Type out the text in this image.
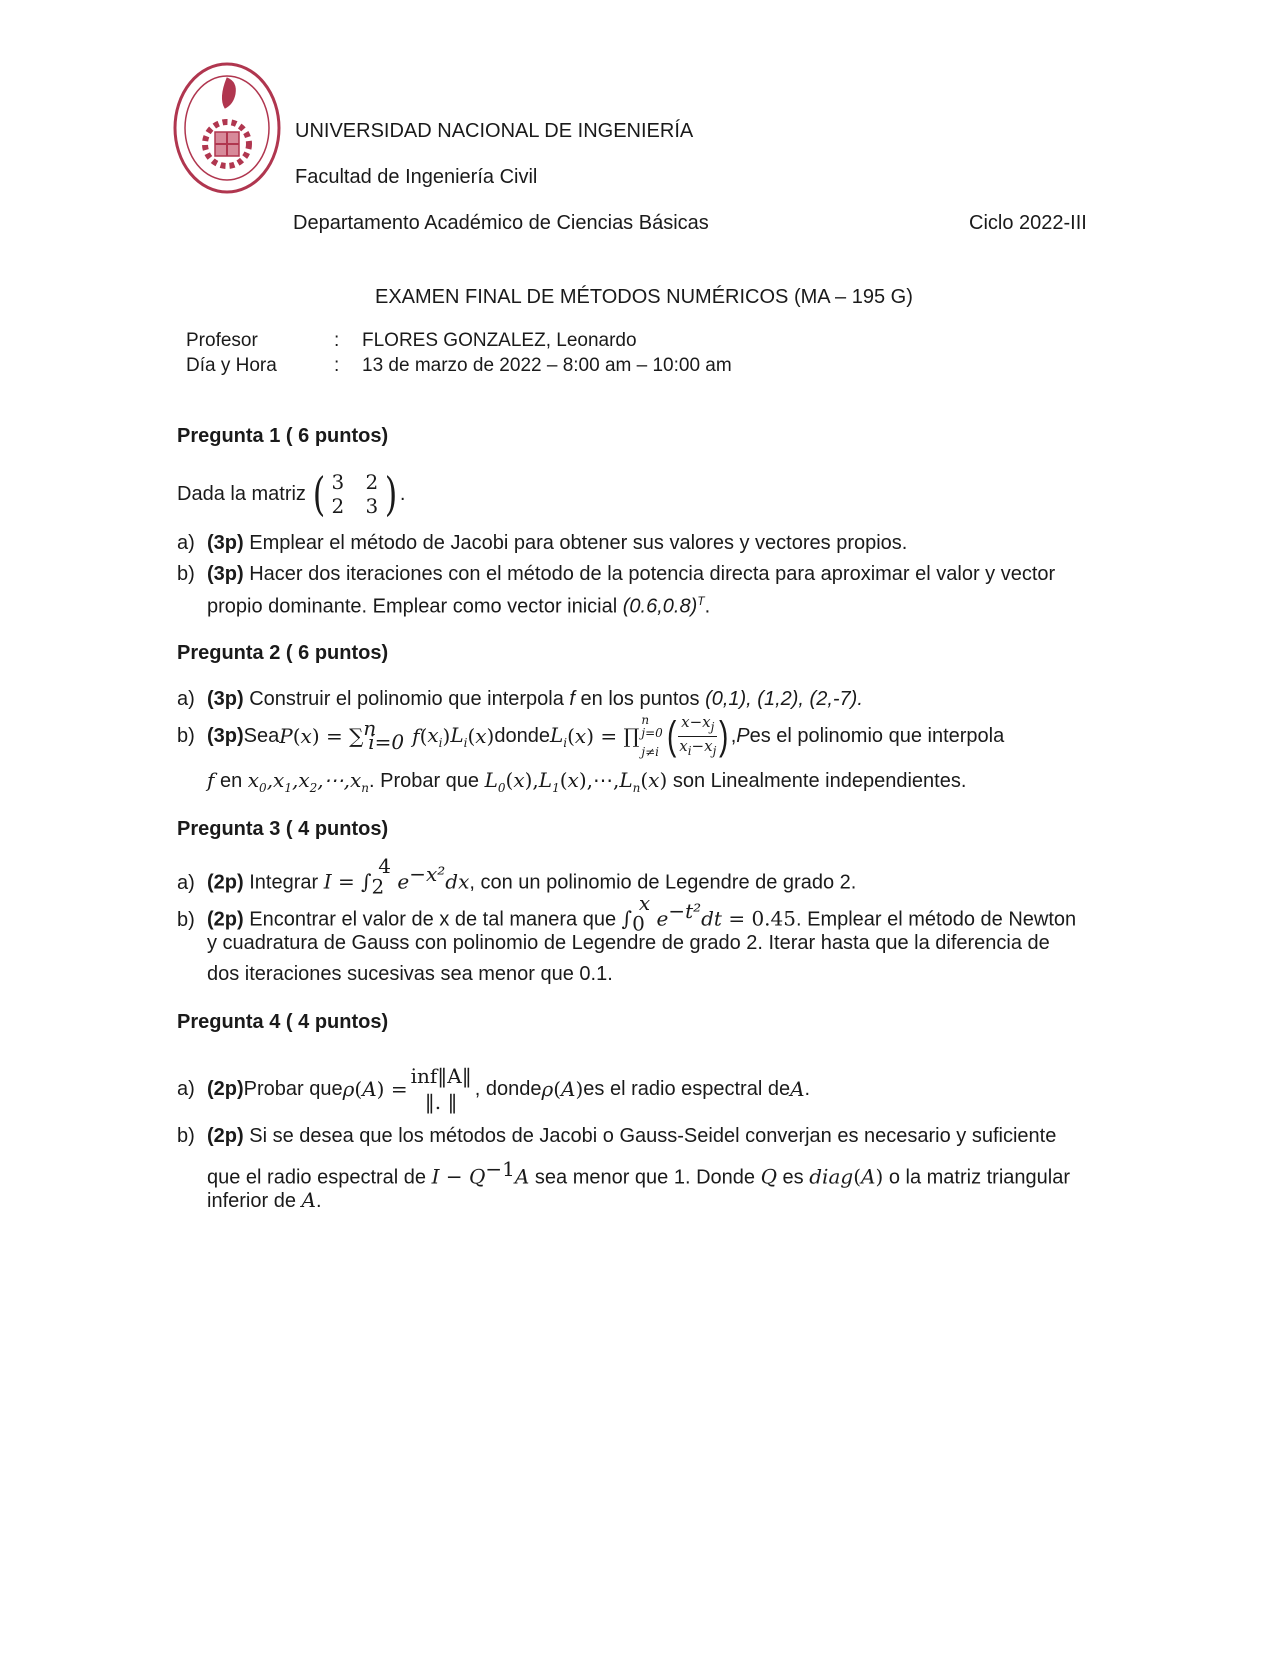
UNIVERSIDAD NACIONAL DE INGENIERÍA
Facultad de Ingeniería Civil
Departamento Académico de Ciencias Básicas	Ciclo 2022-III
EXAMEN FINAL DE MÉTODOS NUMÉRICOS (MA – 195 G)
Profesor	: FLORES GONZALEZ, Leonardo
Día y Hora	: 13 de marzo de 2022 – 8:00 am – 10:00 am
Pregunta 1 ( 6 puntos)
Dada la matriz ( 3 2
2 3 ) .
a) (3p) Emplear el método de Jacobi para obtener sus valores y vectores propios.
b) (3p) Hacer dos iteraciones con el método de la potencia directa para aproximar el valor y vector
propio dominante. Emplear como vector inicial $(0.6,0.8)^T$.
Pregunta 2 ( 6 puntos)
a) (3p) Construir el polinomio que interpola f en los puntos (0,1), (1,2), (2,-7).
b) (3p) Sea P ( x ) = ∑$^n$
$_{i=0}$ f ( $x_i$ ) $L_i$ ( x ) donde $L_i$ ( x ) = ∏
n
j=0
j≠i ( $\frac{x-x_j}{x_i-x_j}$ ) , P es el polinomio que interpola
f en $x_0,x_1,x_2,\cdots,x_n$. Probar que $L_0(x),L_1(x),\cdots,L_n(x)$ son Linealmente independientes.
Pregunta 3 ( 4 puntos)
a) (2p) Integrar $I = \int_2^4$ $e^{-x^2}dx$, con un polinomio de Legendre de grado 2.
b) (2p) Encontrar el valor de x de tal manera que $\int_0^x$ $e^{-t^2}dt = 0.45$. Emplear el método de Newton
y cuadratura de Gauss con polinomio de Legendre de grado 2. Iterar hasta que la diferencia de
dos iteraciones sucesivas sea menor que 0.1.
Pregunta 4 ( 4 puntos)
a) (2p) Probar que ρ ( A ) =
inf‖A‖
‖. ‖
, donde ρ ( A ) es el radio espectral de A .
b) (2p) Si se desea que los métodos de Jacobi o Gauss-Seidel converjan es necesario y suficiente
que el radio espectral de $I - Q^{-1}A$ sea menor que 1. Donde Q es diag(A) o la matriz triangular
inferior de A.
